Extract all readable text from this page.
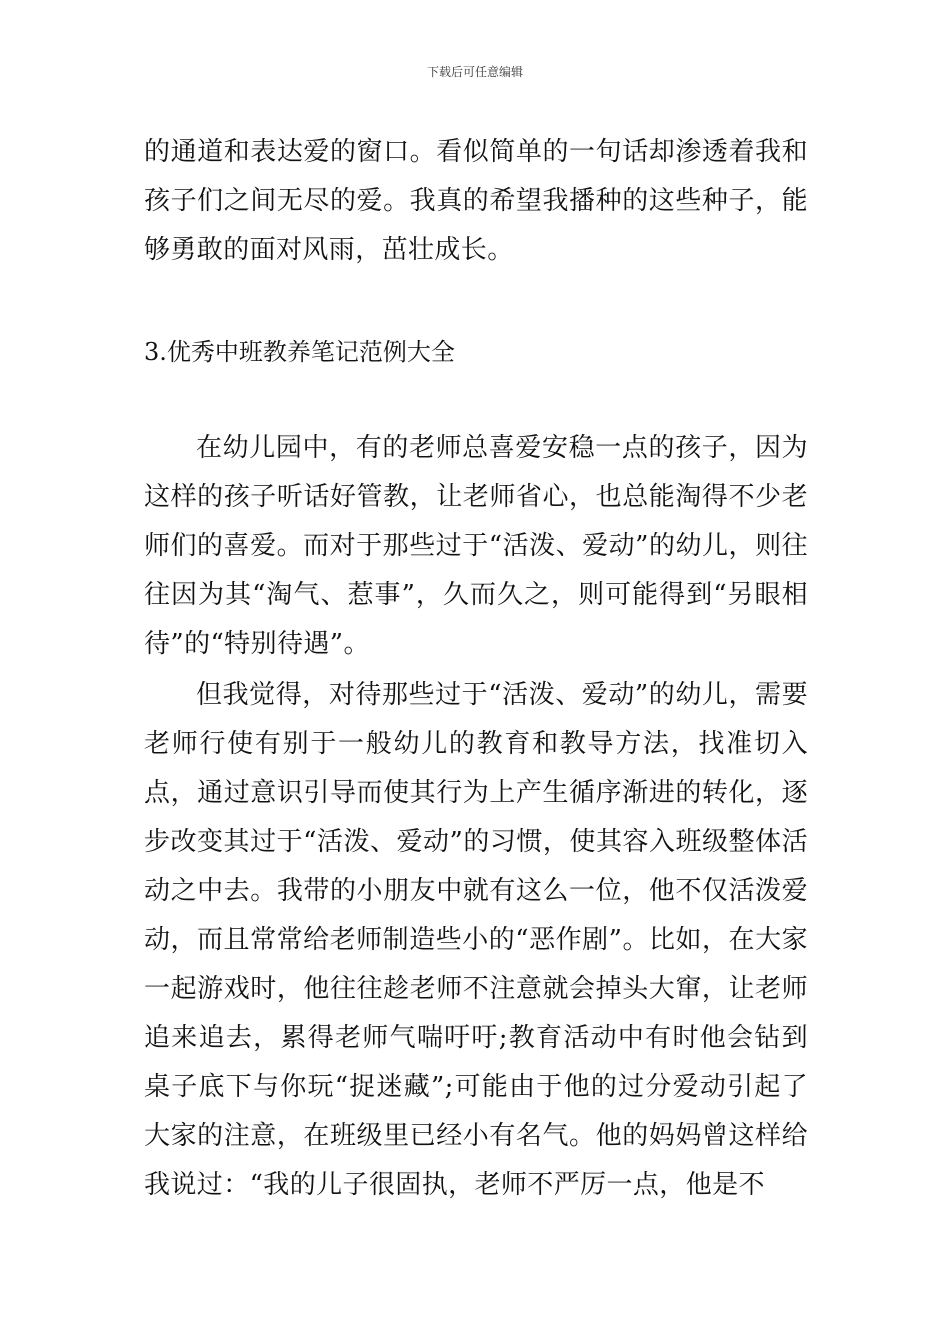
下载后可任意编辑

的通道和表达爱的窗口。看似简单的一句话却渗透着我和孩子们之间无尽的爱。我真的希望我播种的这些种子，能够勇敢的面对风雨，茁壮成长。

3.优秀中班教养笔记范例大全

在幼儿园中，有的老师总喜爱安稳一点的孩子，因为这样的孩子听话好管教，让老师省心，也总能淘得不少老师们的喜爱。而对于那些过于“活泼、爱动”的幼儿，则往往因为其“淘气、惹事”，久而久之，则可能得到“另眼相待”的“特别待遇”。

但我觉得，对待那些过于“活泼、爱动”的幼儿，需要老师行使有别于一般幼儿的教育和教导方法，找准切入点，通过意识引导而使其行为上产生循序渐进的转化，逐步改变其过于“活泼、爱动”的习惯，使其容入班级整体活动之中去。我带的小朋友中就有这么一位，他不仅活泼爱动，而且常常给老师制造些小的“恶作剧”。比如，在大家一起游戏时，他往往趁老师不注意就会掉头大窜，让老师追来追去，累得老师气喘吁吁;教育活动中有时他会钻到桌子底下与你玩“捉迷藏”;可能由于他的过分爱动引起了大家的注意，在班级里已经小有名气。他的妈妈曾这样给我说过：“我的儿子很固执，老师不严厉一点，他是不
